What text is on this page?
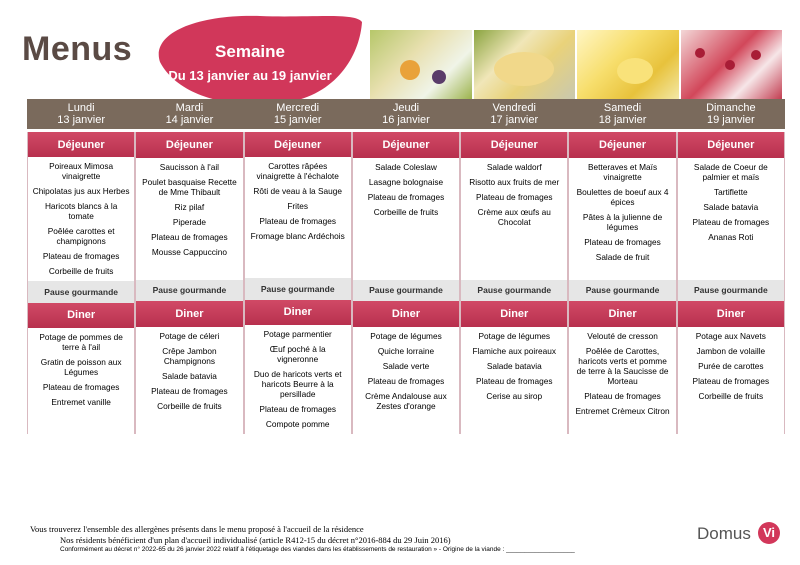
Menus	Semaine
Du 13 janvier au 19 janvier
Lundi
13 janvier
Mardi
14 janvier
Mercredi
15 janvier
Jeudi
16 janvier
Vendredi
17 janvier
Samedi
18 janvier
Dimanche
19 janvier
Déjeuner
Poireaux Mimosa vinaigrette
Chipolatas jus aux Herbes
Haricots blancs à la tomate
Poêlée carottes et champignons
Plateau de fromages
Corbeille de fruits
Pause gourmande
Diner
Potage de pommes de terre à l'ail
Gratin de poisson aux Légumes
Plateau de fromages
Entremet vanille
Déjeuner
Saucisson à l'ail
Poulet basquaise Recette de Mme Thibault
Riz pilaf
Piperade
Plateau de fromages
Mousse Cappuccino
Pause gourmande
Diner
Potage de céleri
Crêpe Jambon Champignons
Salade batavia
Plateau de fromages
Corbeille de fruits
Déjeuner
Carottes râpées vinaigrette à l'échalote
Rôti de veau à la Sauge
Frites
Plateau de fromages
Fromage blanc Ardéchois
Pause gourmande
Diner
Potage parmentier
Œuf poché à la vigneronne
Duo de haricots verts et haricots Beurre à la persillade
Plateau de fromages
Compote pomme
Déjeuner
Salade Coleslaw
Lasagne bolognaise
Plateau de fromages
Corbeille de fruits
Pause gourmande
Diner
Potage de légumes
Quiche lorraine
Salade verte
Plateau de fromages
Crème Andalouse aux Zestes d'orange
Déjeuner
Salade waldorf
Risotto aux fruits de mer
Plateau de fromages
Crème aux œufs au Chocolat
Pause gourmande
Diner
Potage de légumes
Flamiche aux poireaux
Salade batavia
Plateau de fromages
Cerise au sirop
Déjeuner
Betteraves et Maïs vinaigrette
Boulettes de boeuf aux 4 épices
Pâtes à la julienne de légumes
Plateau de fromages
Salade de fruit
Pause gourmande
Diner
Velouté de cresson
Poêlée de Carottes, haricots verts et pomme de terre à la Saucisse de Morteau
Plateau de fromages
Entremet Crèmeux Citron
Déjeuner
Salade de Coeur de palmier et maïs
Tartiflette
Salade batavia
Plateau de fromages
Ananas Roti
Pause gourmande
Diner
Potage aux Navets
Jambon de volaille
Purée de carottes
Plateau de fromages
Corbeille de fruits
Vous trouverez l'ensemble des allergènes présents dans le menu proposé à l'accueil de la résidence
Nos résidents bénéficient d'un plan d'accueil individualisé (article R412-15 du décret n°2016-884 du 29 Juin 2016)
Conformément au décret n° 2022-65 du 26 janvier 2022 relatif à l'étiquetage des viandes dans les établissements de restauration » - Origine de la viande : ___________________
Domus Vi
